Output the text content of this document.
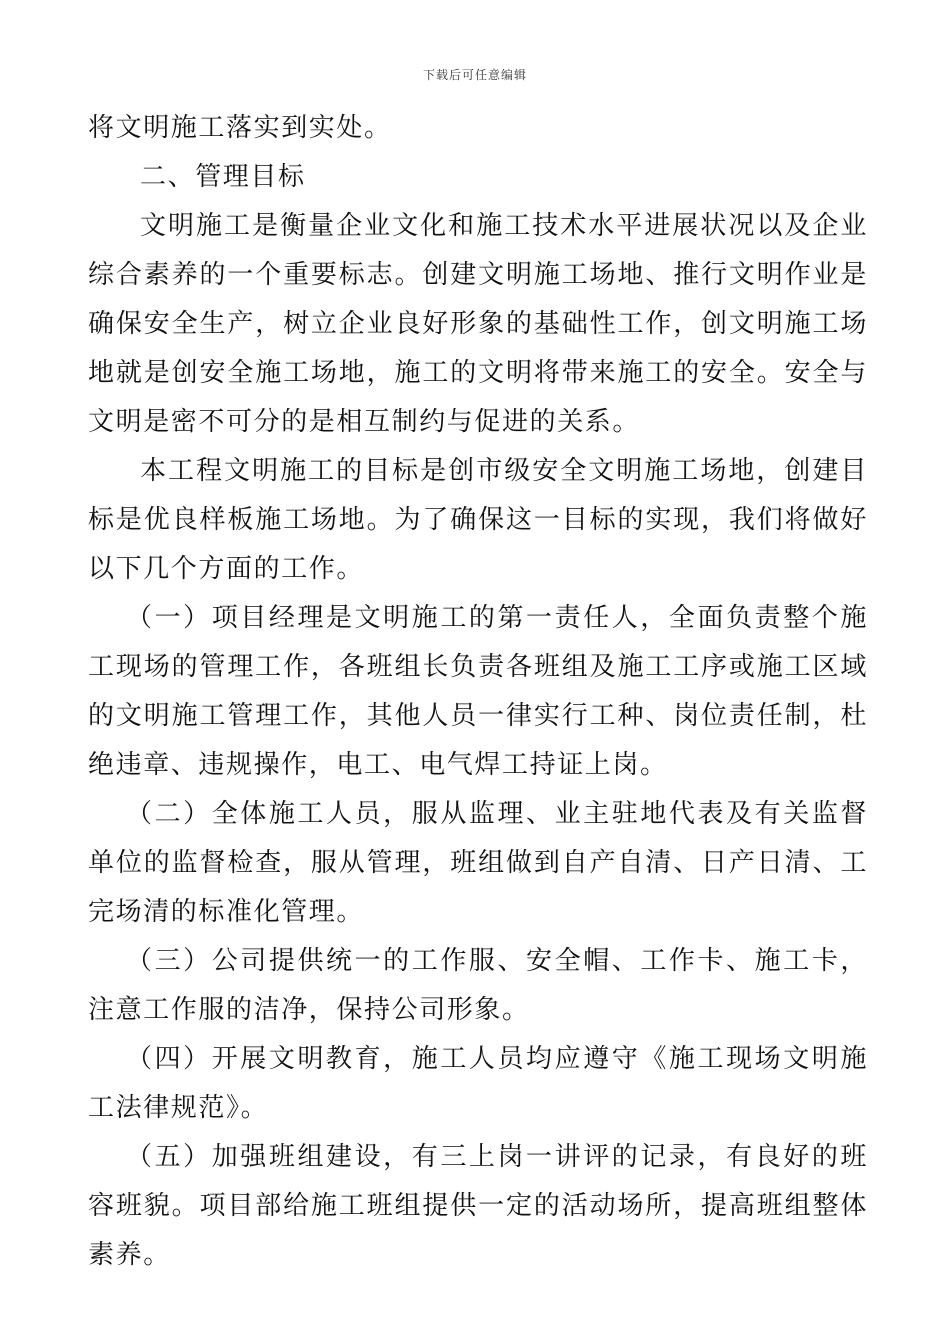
下载后可任意编辑

将文明施工落实到实处。

二、管理目标

文明施工是衡量企业文化和施工技术水平进展状况以及企业综合素养的一个重要标志。创建文明施工场地、推行文明作业是确保安全生产，树立企业良好形象的基础性工作，创文明施工场地就是创安全施工场地，施工的文明将带来施工的安全。安全与文明是密不可分的是相互制约与促进的关系。

本工程文明施工的目标是创市级安全文明施工场地，创建目标是优良样板施工场地。为了确保这一目标的实现，我们将做好以下几个方面的工作。

（一）项目经理是文明施工的第一责任人，全面负责整个施工现场的管理工作，各班组长负责各班组及施工工序或施工区域的文明施工管理工作，其他人员一律实行工种、岗位责任制，杜绝违章、违规操作，电工、电气焊工持证上岗。

（二）全体施工人员，服从监理、业主驻地代表及有关监督单位的监督检查，服从管理，班组做到自产自清、日产日清、工完场清的标准化管理。

（三）公司提供统一的工作服、安全帽、工作卡、施工卡，注意工作服的洁净，保持公司形象。

（四）开展文明教育，施工人员均应遵守《施工现场文明施工法律规范》。

（五）加强班组建设，有三上岗一讲评的记录，有良好的班容班貌。项目部给施工班组提供一定的活动场所，提高班组整体素养。
